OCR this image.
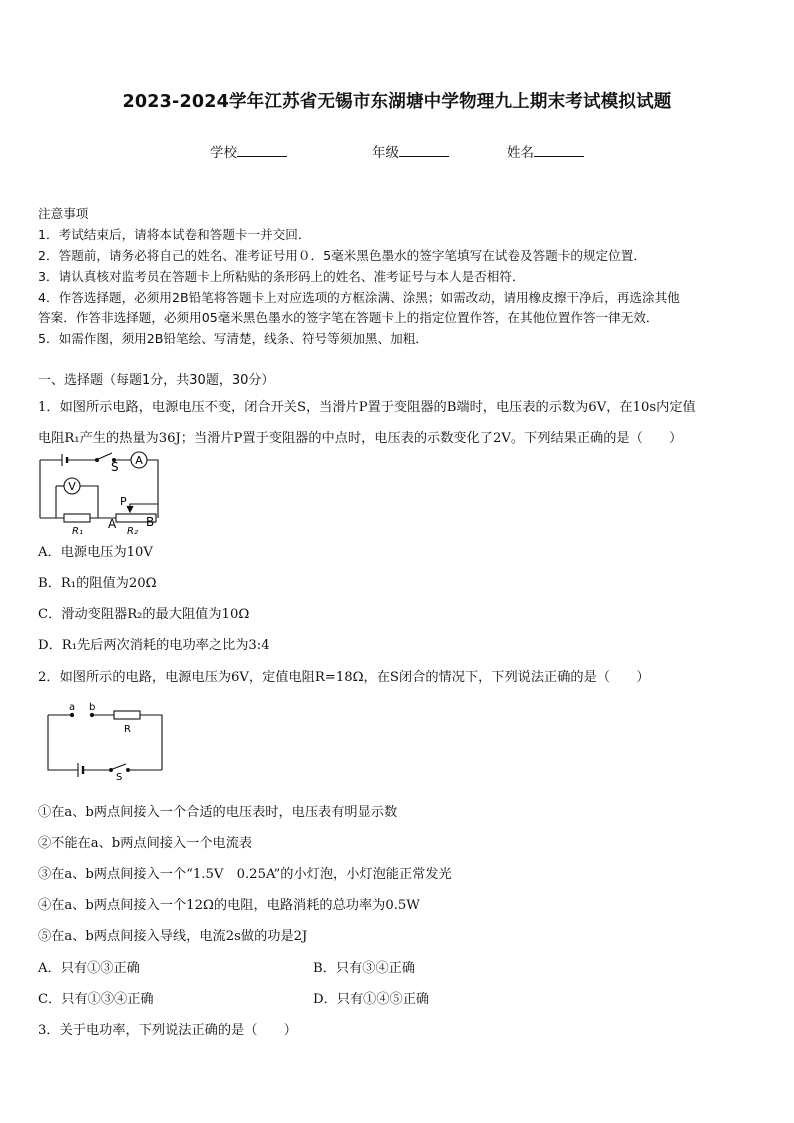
2023-2024学年江苏省无锡市东湖塘中学物理九上期末考试模拟试题
学校	年级	姓名
注意事项
1．考试结束后，请将本试卷和答题卡一并交回．
2．答题前，请务必将自己的姓名、准考证号用０．5毫米黑色墨水的签字笔填写在试卷及答题卡的规定位置．
3．请认真核对监考员在答题卡上所粘贴的条形码上的姓名、准考证号与本人是否相符．
4．作答选择题，必须用2B铅笔将答题卡上对应选项的方框涂满、涂黑；如需改动，请用橡皮擦干净后，再选涂其他
答案．作答非选择题，必须用05毫米黑色墨水的签字笔在答题卡上的指定位置作答，在其他位置作答一律无效．
5．如需作图，须用2B铅笔绘、写清楚，线条、符号等须加黑、加粗．
一、选择题（每题1分，共30题，30分）
1．如图所示电路，电源电压不变，闭合开关S，当滑片P置于变阻器的B端时，电压表的示数为6V，在10s内定值
电阻R₁产生的热量为36J；当滑片P置于变阻器的中点时，电压表的示数变化了2V。下列结果正确的是（　　）
A
V
S
P
R₁	R₂
A B
A．电源电压为10V
B．R₁的阻值为20Ω
C．滑动变阻器R₂的最大阻值为10Ω
D．R₁先后两次消耗的电功率之比为3:4
2．如图所示的电路，电源电压为6V，定值电阻R=18Ω，在S闭合的情况下，下列说法正确的是（　　）
a b
R
S
①在a、b两点间接入一个合适的电压表时，电压表有明显示数
②不能在a、b两点间接入一个电流表
③在a、b两点间接入一个“1.5V　0.25A”的小灯泡，小灯泡能正常发光
④在a、b两点间接入一个12Ω的电阻，电路消耗的总功率为0.5W
⑤在a、b两点间接入导线，电流2s做的功是2J
A．只有①③正确	B．只有③④正确
C．只有①③④正确	D．只有①④⑤正确
3．关于电功率，下列说法正确的是（　　）
